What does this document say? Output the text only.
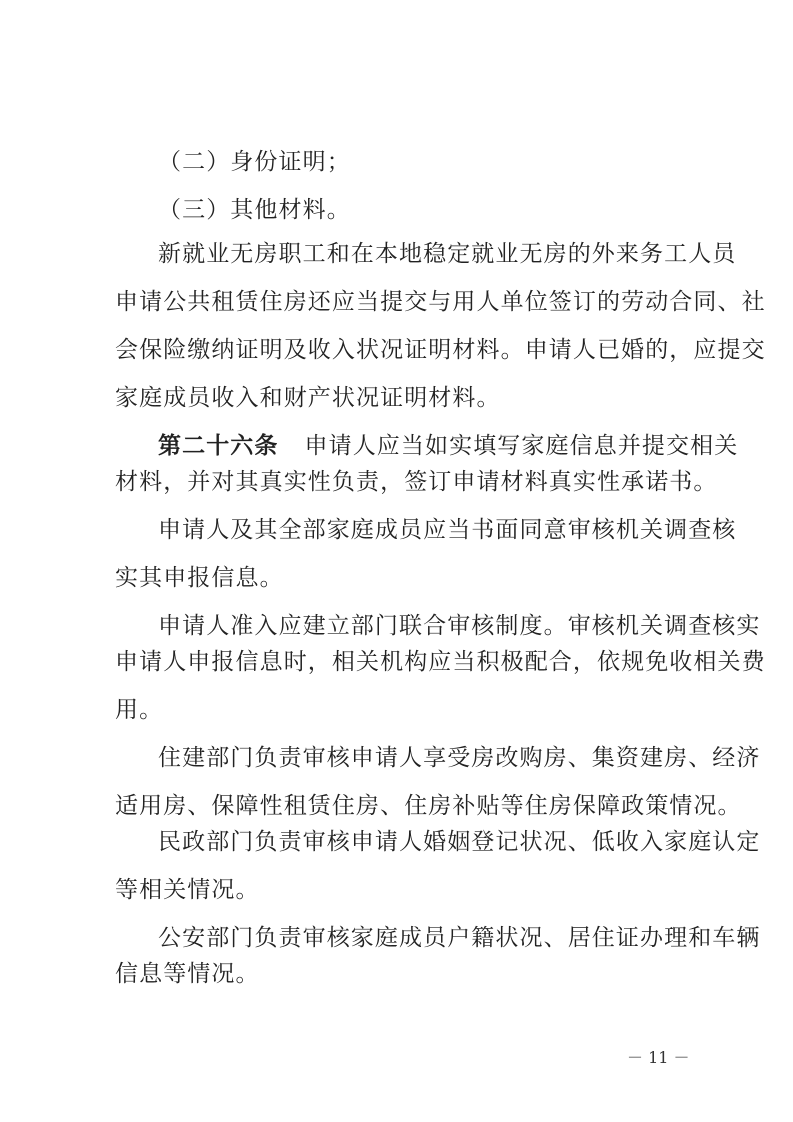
（二）身份证明；

（三）其他材料。

新就业无房职工和在本地稳定就业无房的外来务工人员

申请公共租赁住房还应当提交与用人单位签订的劳动合同、社

会保险缴纳证明及收入状况证明材料。申请人已婚的，应提交

家庭成员收入和财产状况证明材料。

第二十六条 申请人应当如实填写家庭信息并提交相关

材料，并对其真实性负责，签订申请材料真实性承诺书。

申请人及其全部家庭成员应当书面同意审核机关调查核

实其申报信息。

申请人准入应建立部门联合审核制度。审核机关调查核实

申请人申报信息时，相关机构应当积极配合，依规免收相关费

用。

住建部门负责审核申请人享受房改购房、集资建房、经济

适用房、保障性租赁住房、住房补贴等住房保障政策情况。

民政部门负责审核申请人婚姻登记状况、低收入家庭认定

等相关情况。

公安部门负责审核家庭成员户籍状况、居住证办理和车辆

信息等情况。

－ 11 －
